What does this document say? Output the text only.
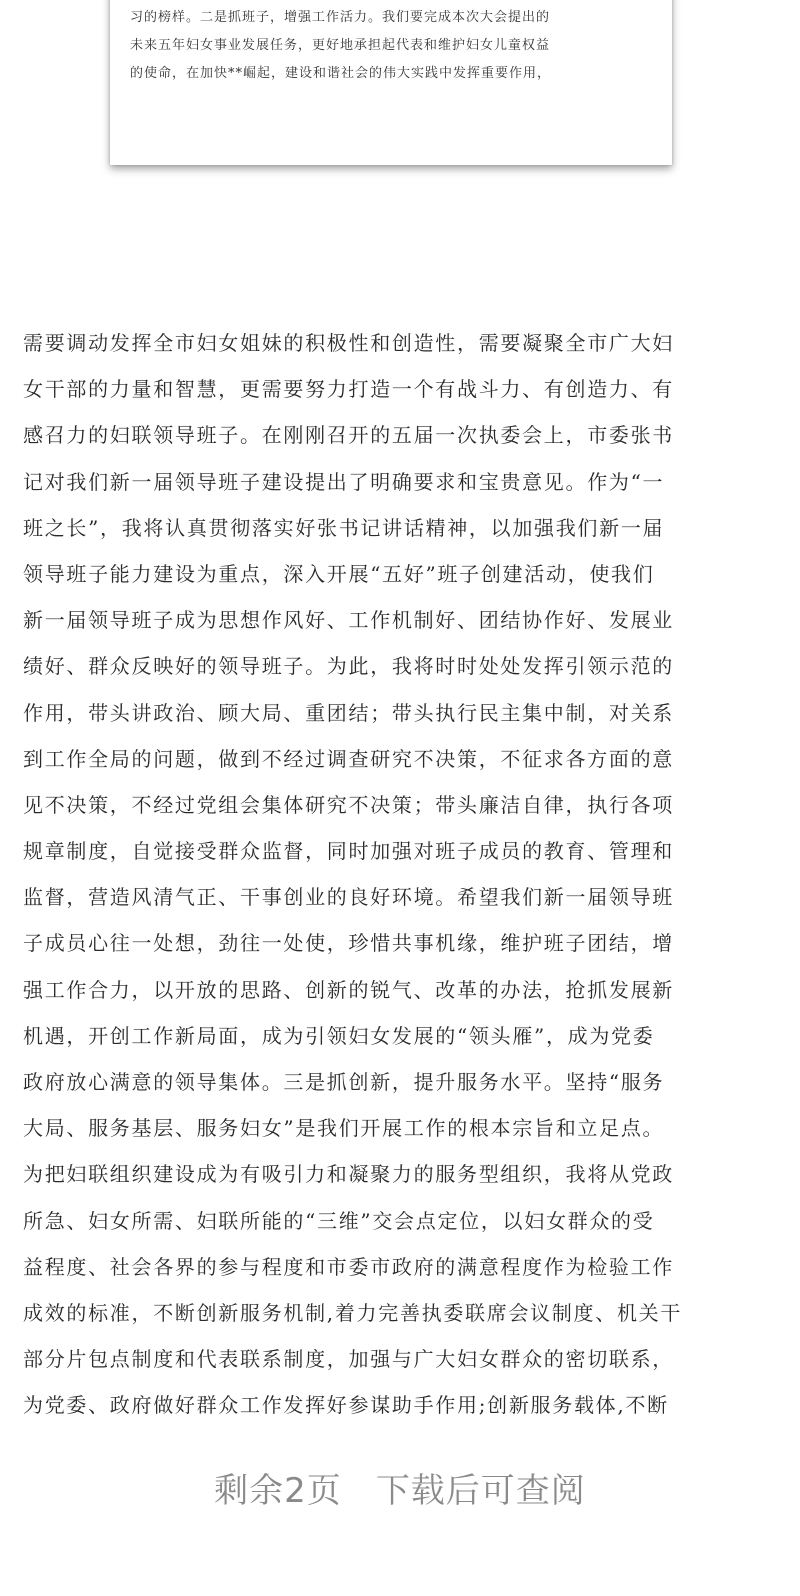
习的榜样。二是抓班子，增强工作活力。我们要完成本次大会提出的
未来五年妇女事业发展任务，更好地承担起代表和维护妇女儿童权益
的使命，在加快**崛起，建设和谐社会的伟大实践中发挥重要作用，
需要调动发挥全市妇女姐妹的积极性和创造性，需要凝聚全市广大妇
女干部的力量和智慧，更需要努力打造一个有战斗力、有创造力、有
感召力的妇联领导班子。在刚刚召开的五届一次执委会上，市委张书
记对我们新一届领导班子建设提出了明确要求和宝贵意见。作为“一
班之长”，我将认真贯彻落实好张书记讲话精神，以加强我们新一届
领导班子能力建设为重点，深入开展“五好”班子创建活动，使我们
新一届领导班子成为思想作风好、工作机制好、团结协作好、发展业
绩好、群众反映好的领导班子。为此，我将时时处处发挥引领示范的
作用，带头讲政治、顾大局、重团结；带头执行民主集中制，对关系
到工作全局的问题，做到不经过调查研究不决策，不征求各方面的意
见不决策，不经过党组会集体研究不决策；带头廉洁自律，执行各项
规章制度，自觉接受群众监督，同时加强对班子成员的教育、管理和
监督，营造风清气正、干事创业的良好环境。希望我们新一届领导班
子成员心往一处想，劲往一处使，珍惜共事机缘，维护班子团结，增
强工作合力，以开放的思路、创新的锐气、改革的办法，抢抓发展新
机遇，开创工作新局面，成为引领妇女发展的“领头雁”，成为党委
政府放心满意的领导集体。三是抓创新，提升服务水平。坚持“服务
大局、服务基层、服务妇女”是我们开展工作的根本宗旨和立足点。
为把妇联组织建设成为有吸引力和凝聚力的服务型组织，我将从党政
所急、妇女所需、妇联所能的“三维”交会点定位，以妇女群众的受
益程度、社会各界的参与程度和市委市政府的满意程度作为检验工作
成效的标准，不断创新服务机制,着力完善执委联席会议制度、机关干
部分片包点制度和代表联系制度，加强与广大妇女群众的密切联系，
为党委、政府做好群众工作发挥好参谋助手作用;创新服务载体,不断
剩余2页 下载后可查阅
